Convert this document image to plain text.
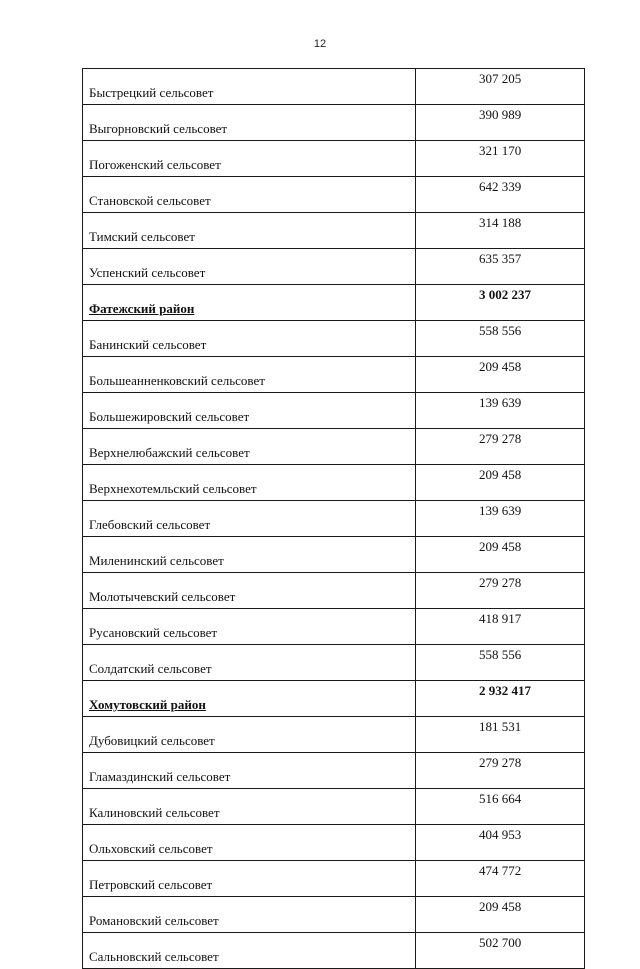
12
Быстрецкий сельсовет	307 205
Выгорновский сельсовет	390 989
Погоженский сельсовет	321 170
Становской сельсовет	642 339
Тимский сельсовет	314 188
Успенский сельсовет	635 357
Фатежский район	3 002 237
Банинский сельсовет	558 556
Большеанненковский сельсовет	209 458
Большежировский сельсовет	139 639
Верхнелюбажский сельсовет	279 278
Верхнехотемльский сельсовет	209 458
Глебовский сельсовет	139 639
Миленинский сельсовет	209 458
Молотычевский сельсовет	279 278
Русановский сельсовет	418 917
Солдатский сельсовет	558 556
Хомутовский район	2 932 417
Дубовицкий сельсовет	181 531
Гламаздинский сельсовет	279 278
Калиновский сельсовет	516 664
Ольховский сельсовет	404 953
Петровский сельсовет	474 772
Романовский сельсовет	209 458
Сальновский сельсовет	502 700
